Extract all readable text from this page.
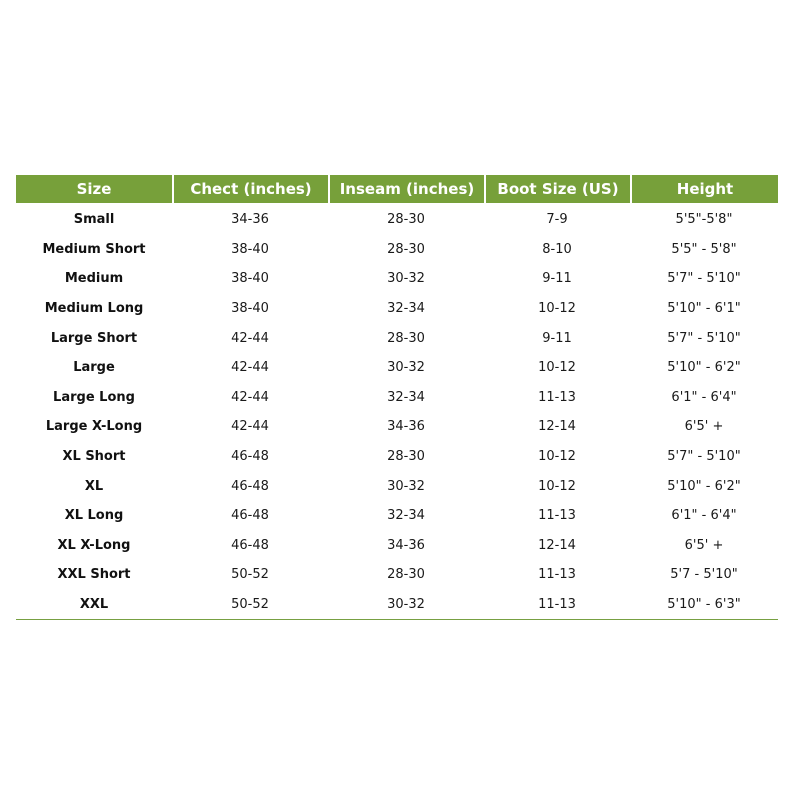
Size	Chect (inches)	Inseam (inches)	Boot Size (US)	Height
Small	34-36	28-30	7-9	5'5"-5'8"
Medium Short	38-40	28-30	8-10	5'5" - 5'8"
Medium	38-40	30-32	9-11	5'7" - 5'10"
Medium Long	38-40	32-34	10-12	5'10" - 6'1"
Large Short	42-44	28-30	9-11	5'7" - 5'10"
Large	42-44	30-32	10-12	5'10" - 6'2"
Large Long	42-44	32-34	11-13	6'1" - 6'4"
Large X-Long	42-44	34-36	12-14	6'5' +
XL Short	46-48	28-30	10-12	5'7" - 5'10"
XL	46-48	30-32	10-12	5'10" - 6'2"
XL Long	46-48	32-34	11-13	6'1" - 6'4"
XL X-Long	46-48	34-36	12-14	6'5' +
XXL Short	50-52	28-30	11-13	5'7 - 5'10"
XXL	50-52	30-32	11-13	5'10" - 6'3"
